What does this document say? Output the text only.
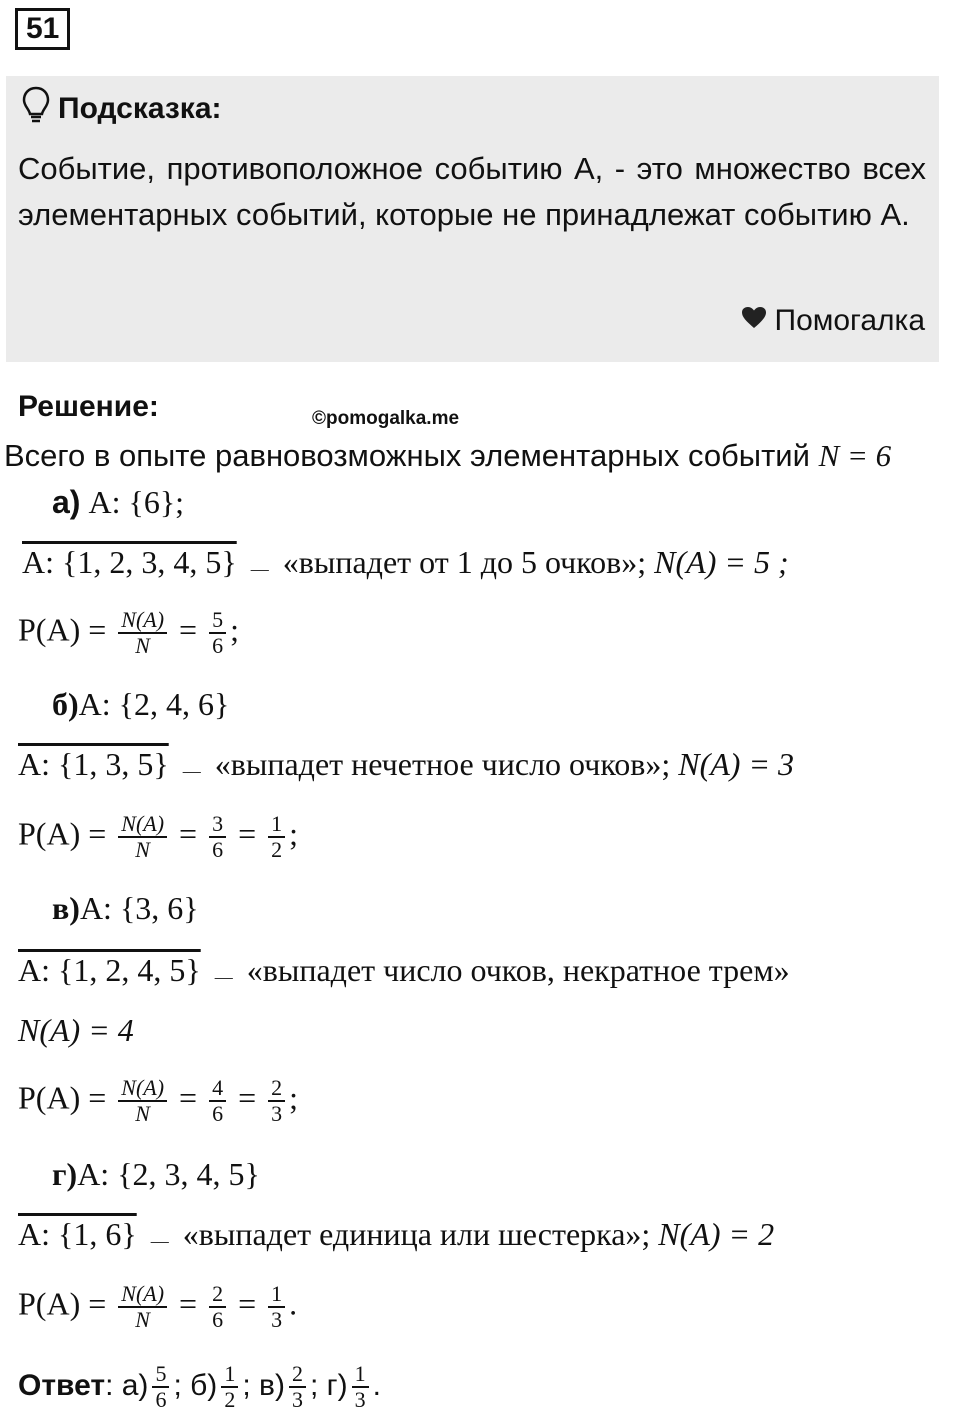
51
Подсказка:
Событие, противоположное событию A, - это множество всех элементарных событий, которые не принадлежат событию A.
Помогалка
Решение:	©pomogalka.me
Всего в опыте равновозможных элементарных событий N = 6
а) A: {6};
A: {1, 2, 3, 4, 5} — «выпадет от 1 до 5 очков»; N(A) = 5 ;
$P(A) = \frac{N(A)}{N} = \frac{5}{6}$ ;
б)A: {2, 4, 6}
A: {1, 3, 5} — «выпадет нечетное число очков»; N(A) = 3
$P(A) = \frac{N(A)}{N} = \frac{3}{6} = \frac{1}{2}$ ;
в)A: {3, 6}
A: {1, 2, 4, 5} — «выпадет число очков, некратное трем»
N(A) = 4
$P(A) = \frac{N(A)}{N} = \frac{4}{6} = \frac{2}{3}$ ;
г)A: {2, 3, 4, 5}
A: {1, 6} — «выпадет единица или шестерка»; N(A) = 2
$P(A) = \frac{N(A)}{N} = \frac{2}{6} = \frac{1}{3}$ .
Ответ: $а) \frac{5}{6}$ ; $б) \frac{1}{2}$ ; $в) \frac{2}{3}$ ; $г) \frac{1}{3}$ .
